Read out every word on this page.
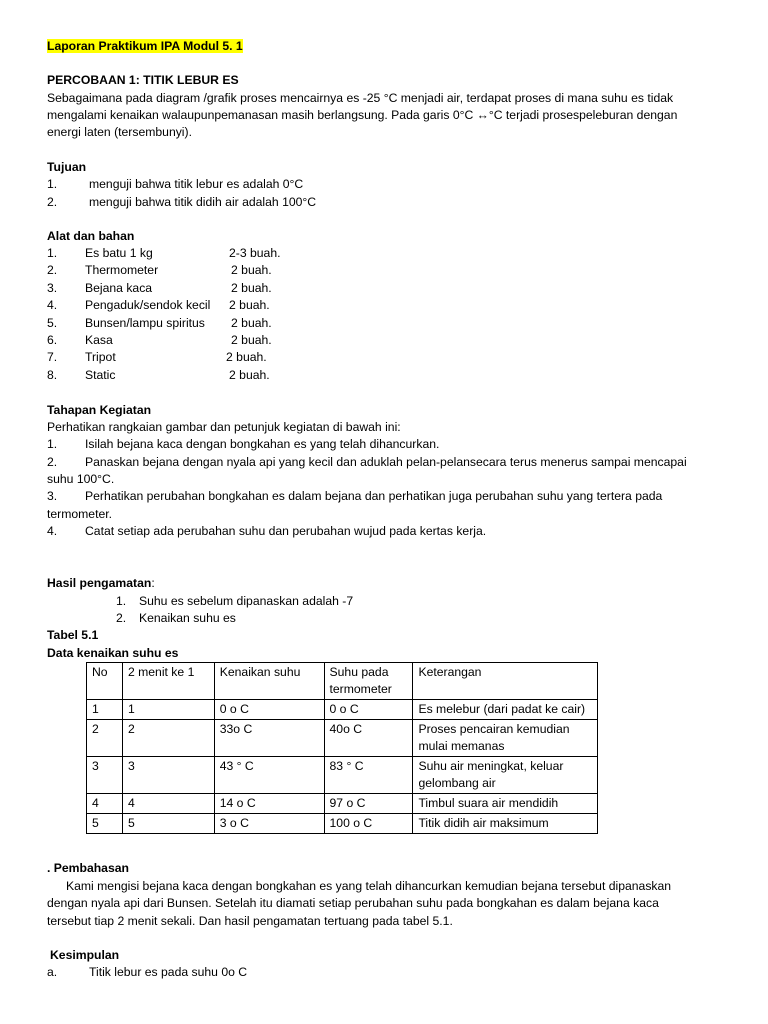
Laporan Praktikum IPA Modul 5. 1
PERCOBAAN 1: TITIK LEBUR ES
Sebagaimana pada diagram /grafik proses mencairnya es -25 °C menjadi air, terdapat proses di mana suhu es tidak
mengalami kenaikan walaupunpemanasan masih berlangsung. Pada garis 0°C ↔°C terjadi prosespeleburan dengan
energi laten (tersembunyi).
Tujuan
1.	menguji bahwa titik lebur es adalah 0°C
2.	menguji bahwa titik didih air adalah 100°C
Alat dan bahan
1. Es batu 1 kg	2-3 buah.
2. Thermometer	2 buah.
3. Bejana kaca	2 buah.
4. Pengaduk/sendok kecil 2 buah.
5. Bunsen/lampu spiritus 2 buah.
6. Kasa	2 buah.
7. Tripot	2 buah.
8. Static	2 buah.
Tahapan Kegiatan
Perhatikan rangkaian gambar dan petunjuk kegiatan di bawah ini:
1. Isilah bejana kaca dengan bongkahan es yang telah dihancurkan.
2. Panaskan bejana dengan nyala api yang kecil dan aduklah pelan-pelansecara terus menerus sampai mencapai
suhu 100°C.
3. Perhatikan perubahan bongkahan es dalam bejana dan perhatikan juga perubahan suhu yang tertera pada
termometer.
4. Catat setiap ada perubahan suhu dan perubahan wujud pada kertas kerja.
Hasil pengamatan:
1. Suhu es sebelum dipanaskan adalah -7
2. Kenaikan suhu es
Tabel 5.1
Data kenaikan suhu es
No	2 menit ke 1	Kenaikan suhu	Suhu pada termometer	Keterangan
1	1	0 o C	0 o C	Es melebur (dari padat ke cair)
2	2	33o C	40o C	Proses pencairan kemudian mulai memanas
3	3	43 ° C	83 ° C	Suhu air meningkat, keluar gelombang air
4	4	14 o C	97 o C	Timbul suara air mendidih
5	5	3 o C	100 o C	Titik didih air maksimum
. Pembahasan
Kami mengisi bejana kaca dengan bongkahan es yang telah dihancurkan kemudian bejana tersebut dipanaskan
dengan nyala api dari Bunsen. Setelah itu diamati setiap perubahan suhu pada bongkahan es dalam bejana kaca
tersebut tiap 2 menit sekali. Dan hasil pengamatan tertuang pada tabel 5.1.
Kesimpulan
a.	Titik lebur es pada suhu 0o C
